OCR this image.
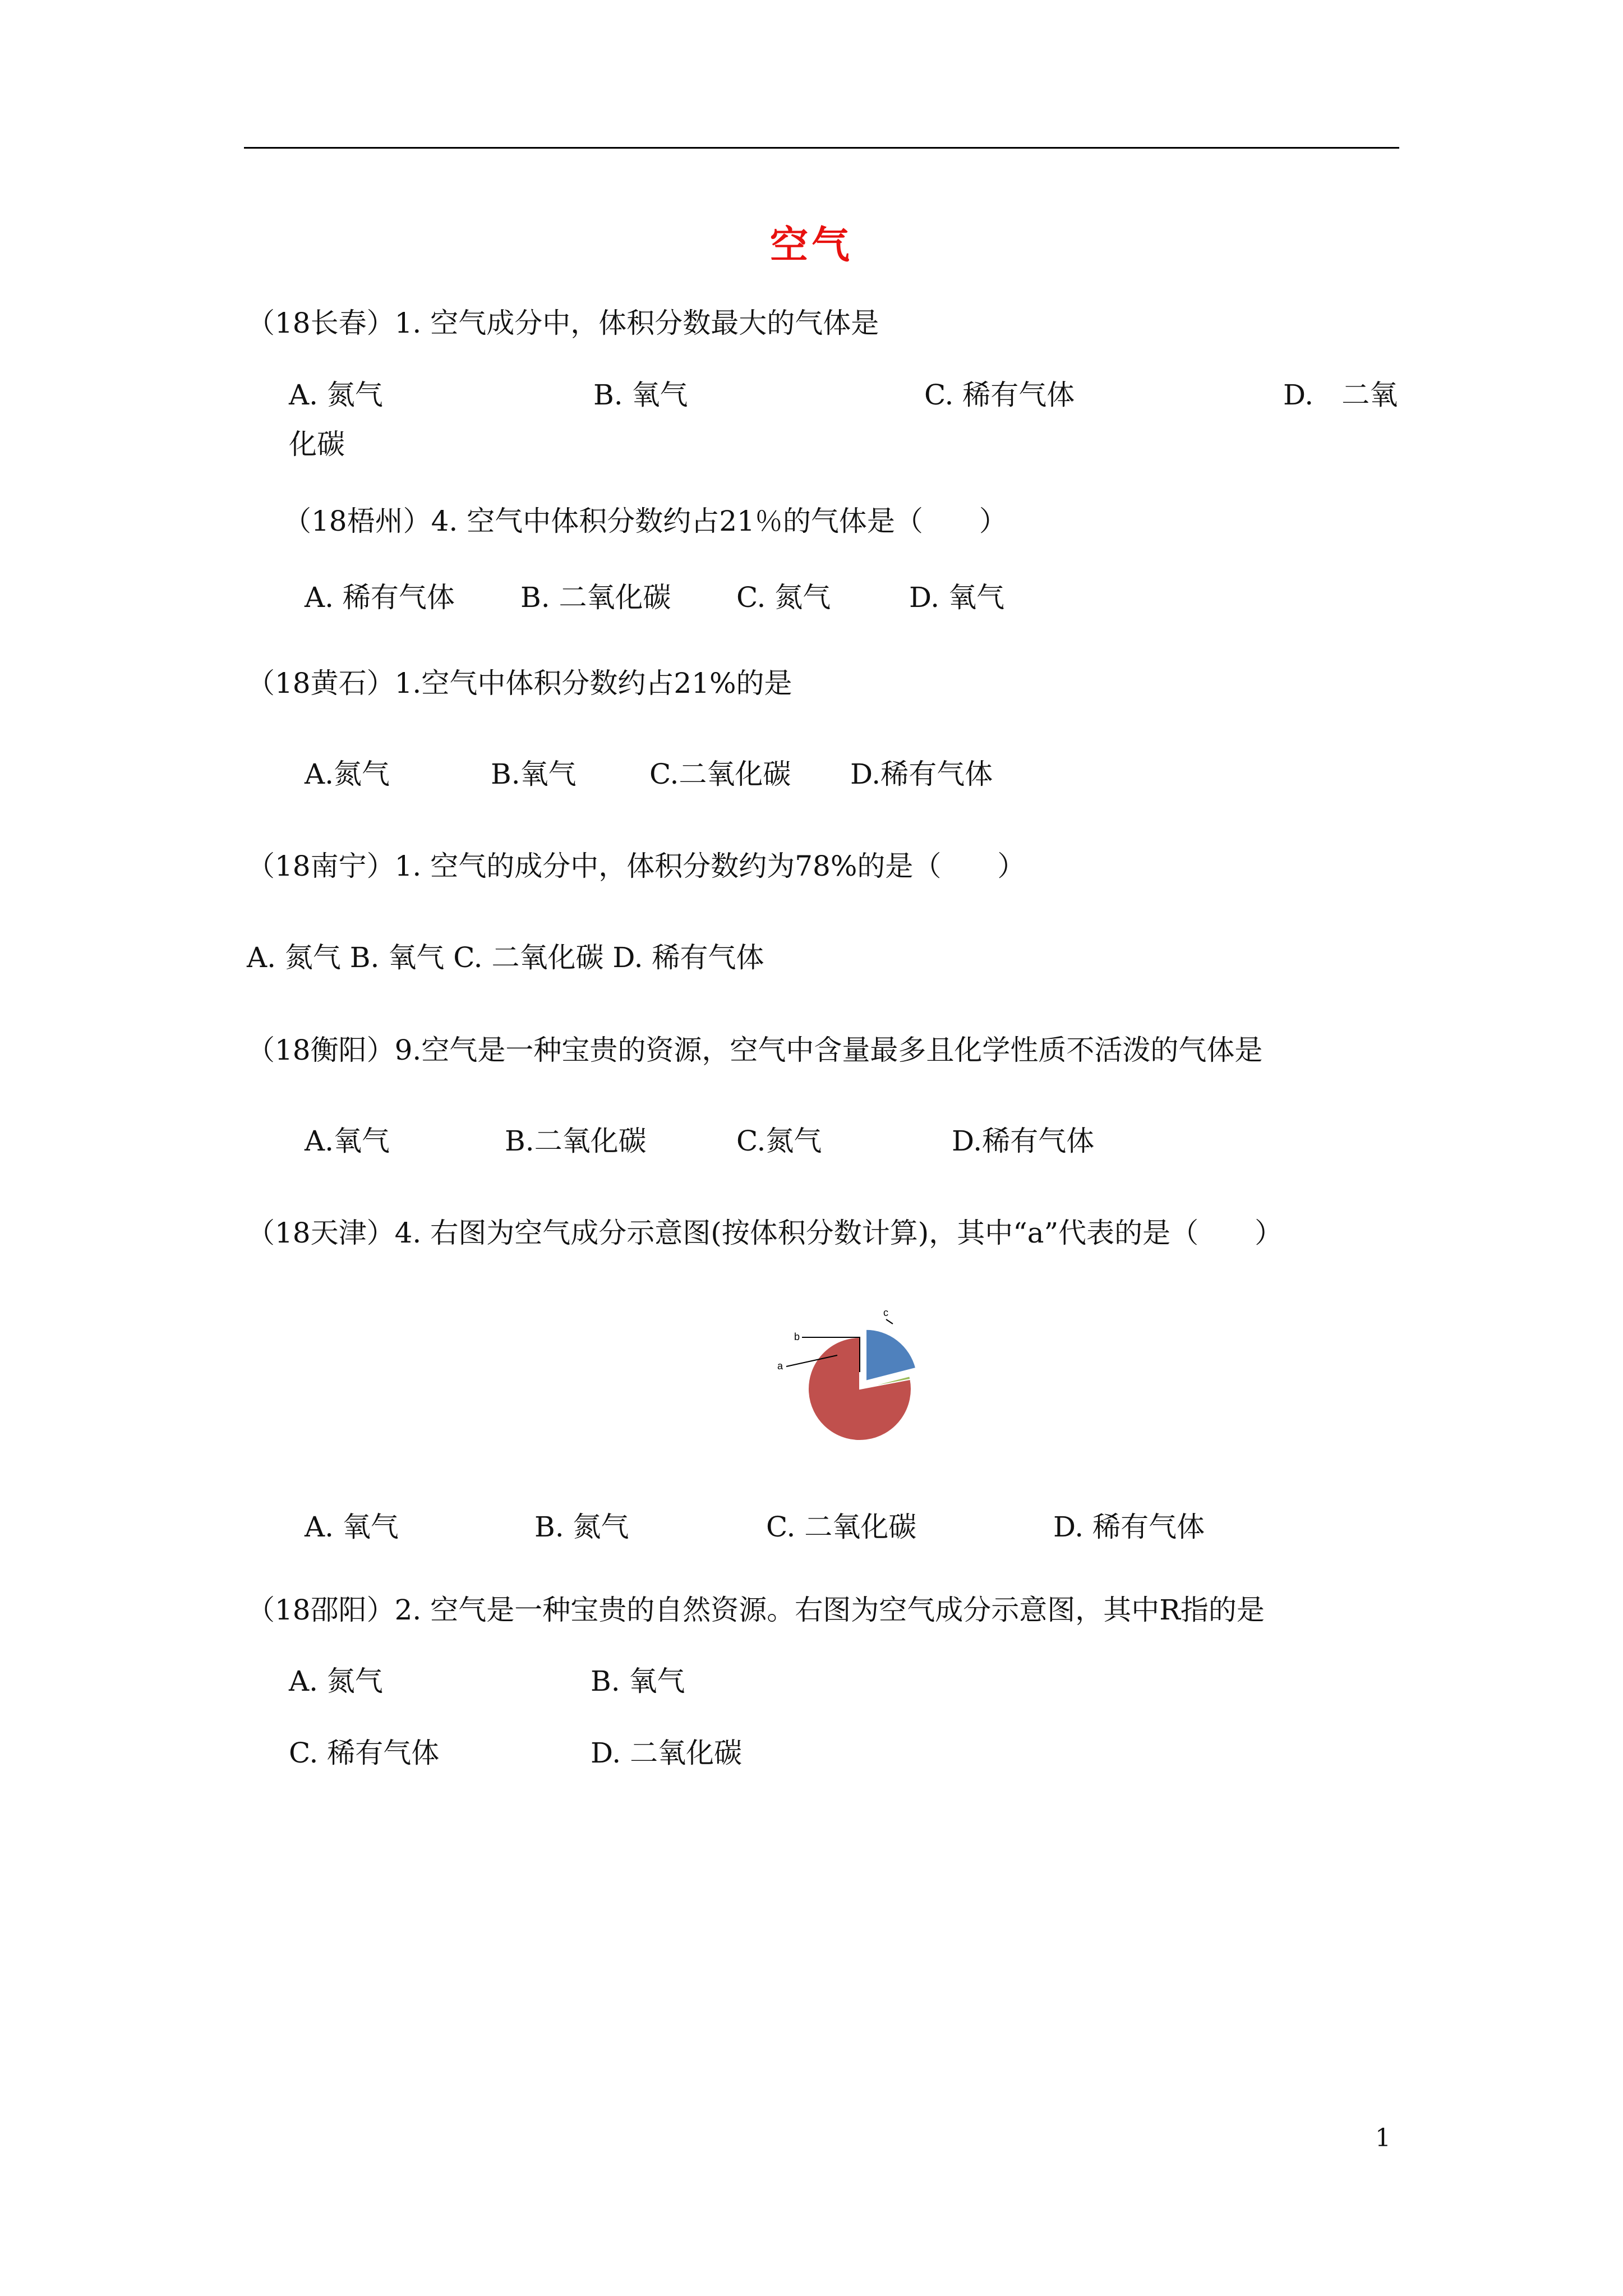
空气
（18长春）1. 空气成分中，体积分数最大的气体是
A. 氮气	B. 氧气	C. 稀有气体	D.　二氧
化碳
（18梧州）4. 空气中体积分数约占21％的气体是（　　）
A. 稀有气体 B. 二氧化碳 C. 氮气	D. 氧气
（18黄石）1.空气中体积分数约占21%的是
A.氮气	B.氧气	C.二氧化碳 D.稀有气体
（18南宁）1. 空气的成分中，体积分数约为78%的是（　　）
A. 氮气 B. 氧气 C. 二氧化碳 D. 稀有气体
（18衡阳）9.空气是一种宝贵的资源，空气中含量最多且化学性质不活泼的气体是
A.氧气	B.二氧化碳	C.氮气	D.稀有气体
（18天津）4. 右图为空气成分示意图(按体积分数计算)，其中“a”代表的是（　　）
a
b
c
A. 氧气	B. 氮气	C. 二氧化碳	D. 稀有气体
（18邵阳）2. 空气是一种宝贵的自然资源。右图为空气成分示意图，其中R指的是
A. 氮气	B. 氧气
C. 稀有气体	D. 二氧化碳
1
